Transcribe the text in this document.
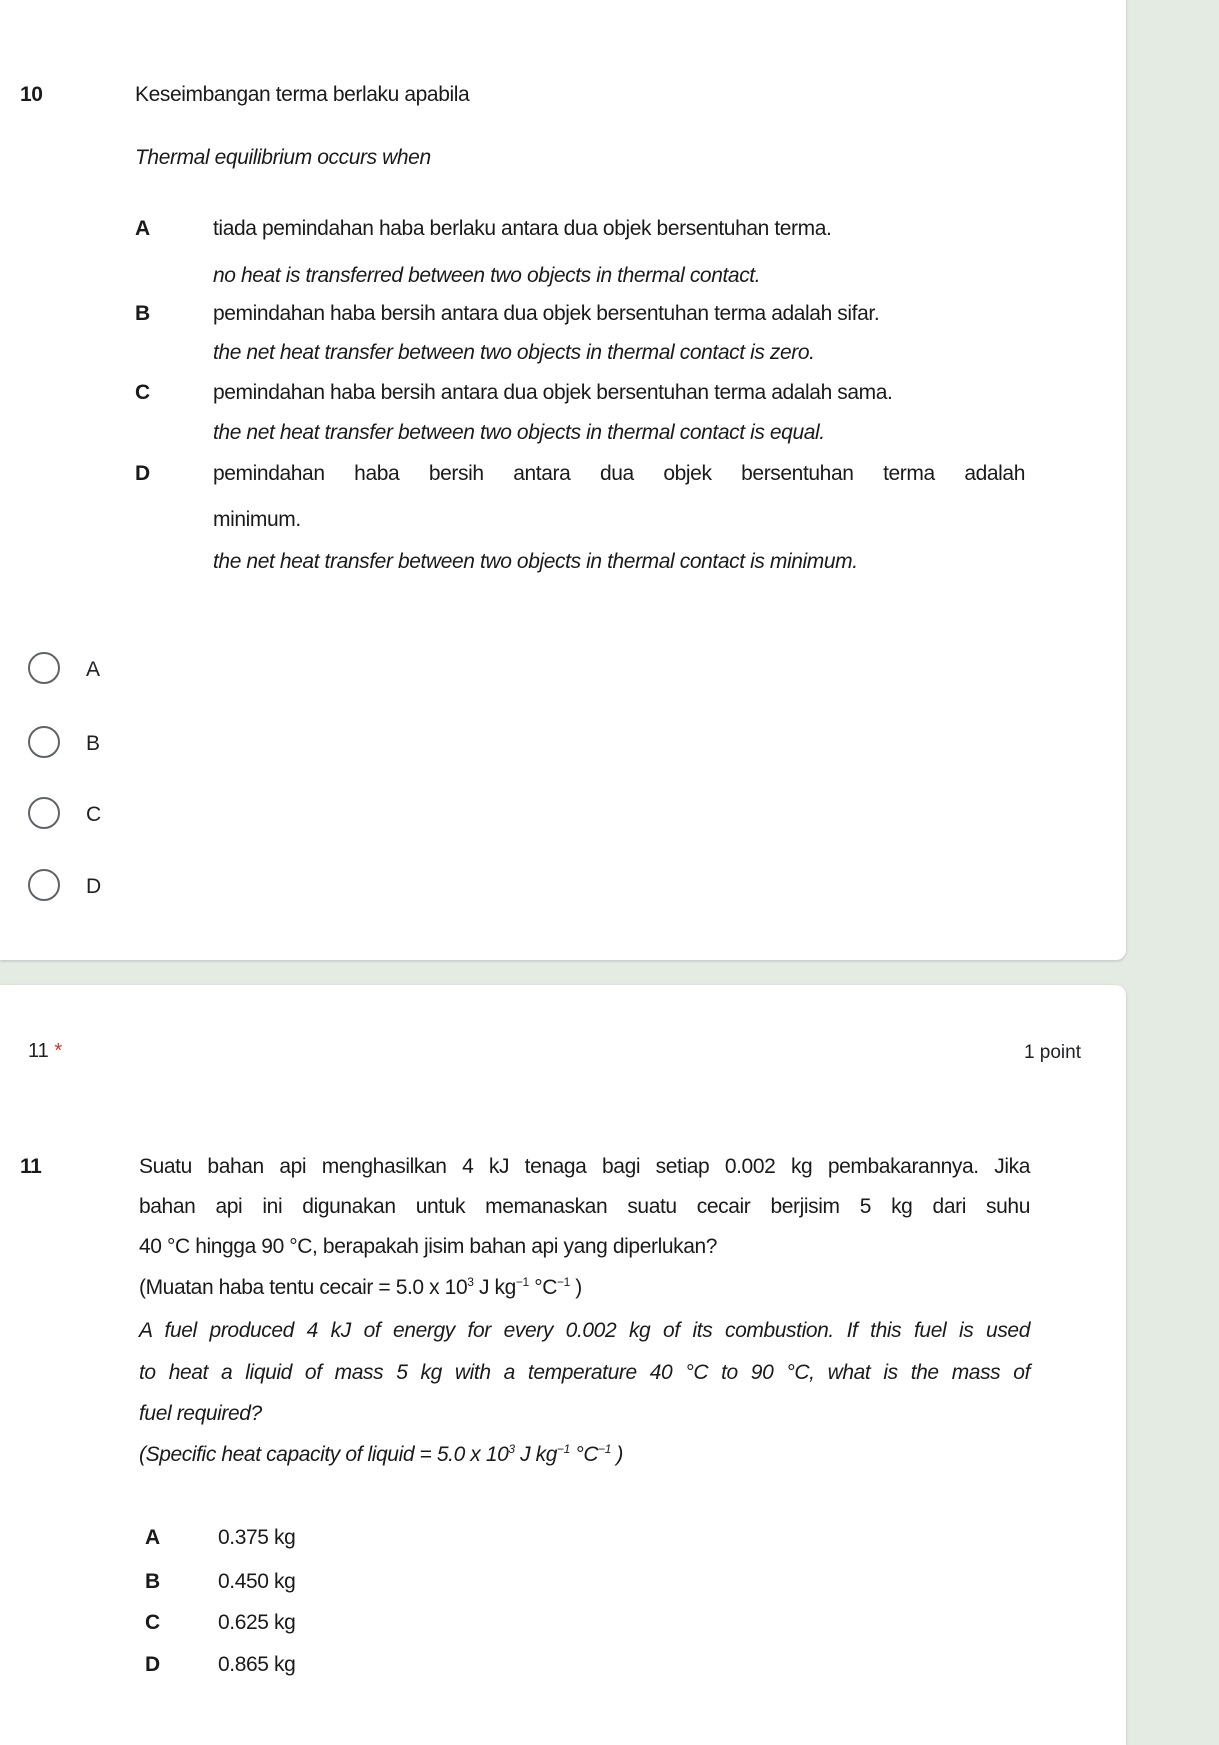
10	Keseimbangan terma berlaku apabila
Thermal equilibrium occurs when
A	tiada pemindahan haba berlaku antara dua objek bersentuhan terma.
no heat is transferred between two objects in thermal contact.
B	pemindahan haba bersih antara dua objek bersentuhan terma adalah sifar.
the net heat transfer between two objects in thermal contact is zero.
C	pemindahan haba bersih antara dua objek bersentuhan terma adalah sama.
the net heat transfer between two objects in thermal contact is equal.
D	pemindahan haba bersih antara dua objek bersentuhan terma adalah
minimum.
the net heat transfer between two objects in thermal contact is minimum.
A
B
C
D
11 *	1 point
11	Suatu bahan api menghasilkan 4 kJ tenaga bagi setiap 0.002 kg pembakarannya. Jika
bahan api ini digunakan untuk memanaskan suatu cecair berjisim 5 kg dari suhu
40 °C hingga 90 °C, berapakah jisim bahan api yang diperlukan?
(Muatan haba tentu cecair = 5.0 x $10^3$ J $kg^{-1}$ $^\circ C^{-1}$ )
A fuel produced 4 kJ of energy for every 0.002 kg of its combustion. If this fuel is used
to heat a liquid of mass 5 kg with a temperature 40 °C to 90 °C, what is the mass of
fuel required?
(Specific heat capacity of liquid = 5.0 x $10^3$ J $kg^{-1}$ $^\circ C^{-1}$ )
A	0.375 kg
B	0.450 kg
C	0.625 kg
D	0.865 kg
